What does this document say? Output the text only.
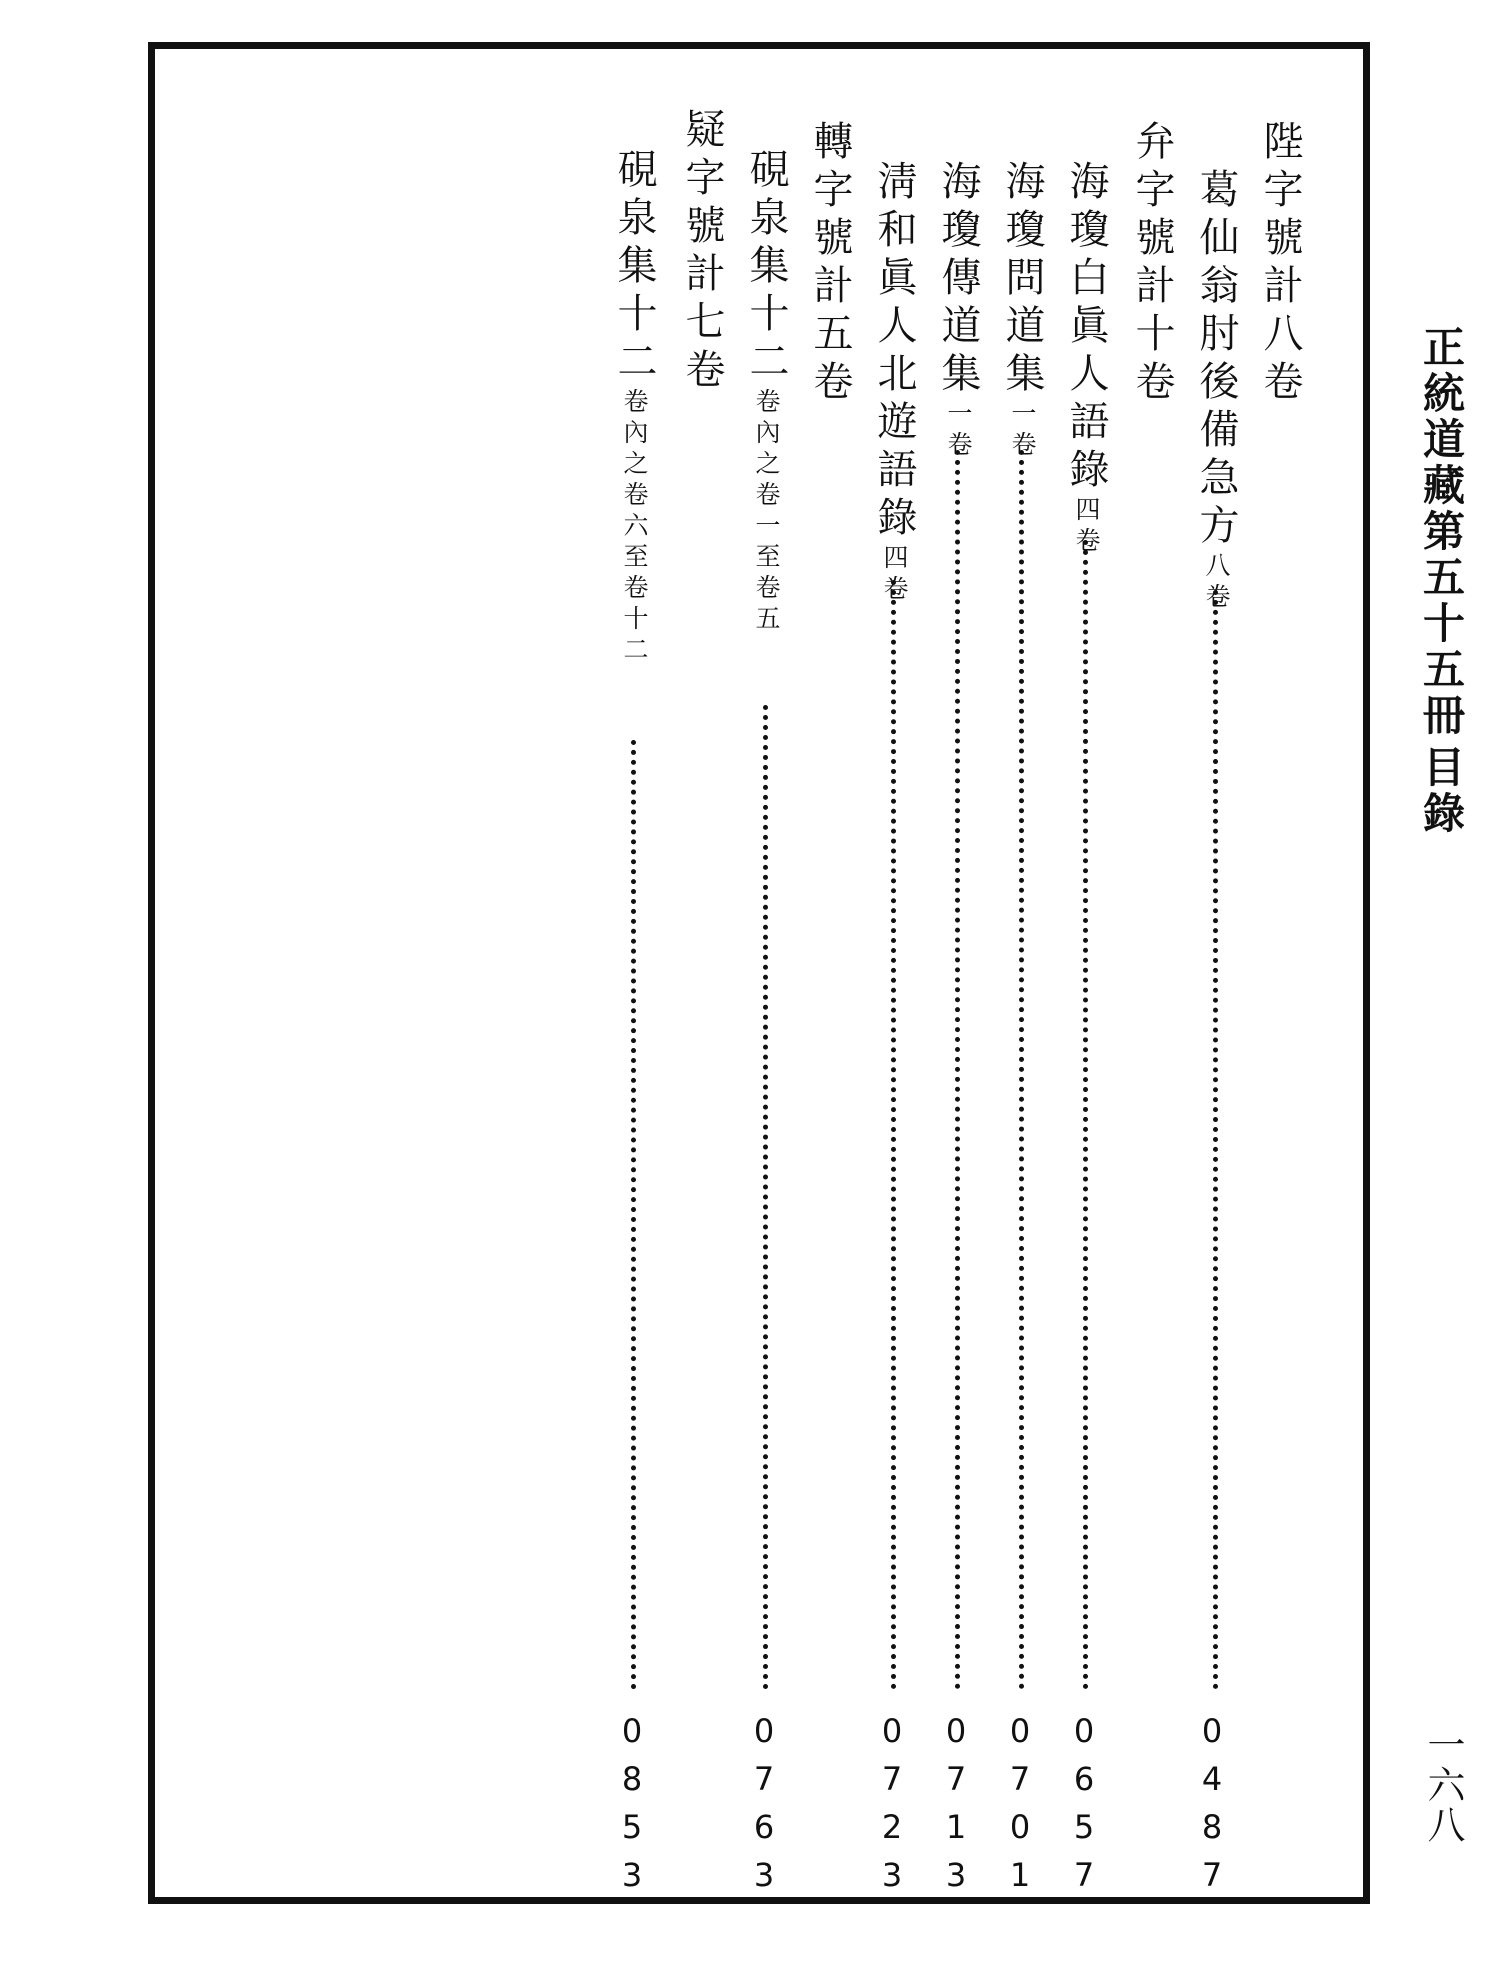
正統道藏第五十五冊
目錄
一六八
陛字號計八卷
葛仙翁肘後備急方八卷
0487
弁字號計十卷
海瓊白眞人語錄四卷
0657
海瓊問道集一卷
0701
海瓊傳道集一卷
0713
淸和眞人北遊語錄四卷
0723
轉字號計五卷
硯泉集十二卷內之卷一至卷五
0763
疑字號計七卷
硯泉集十二卷內之卷六至卷十二
0853
